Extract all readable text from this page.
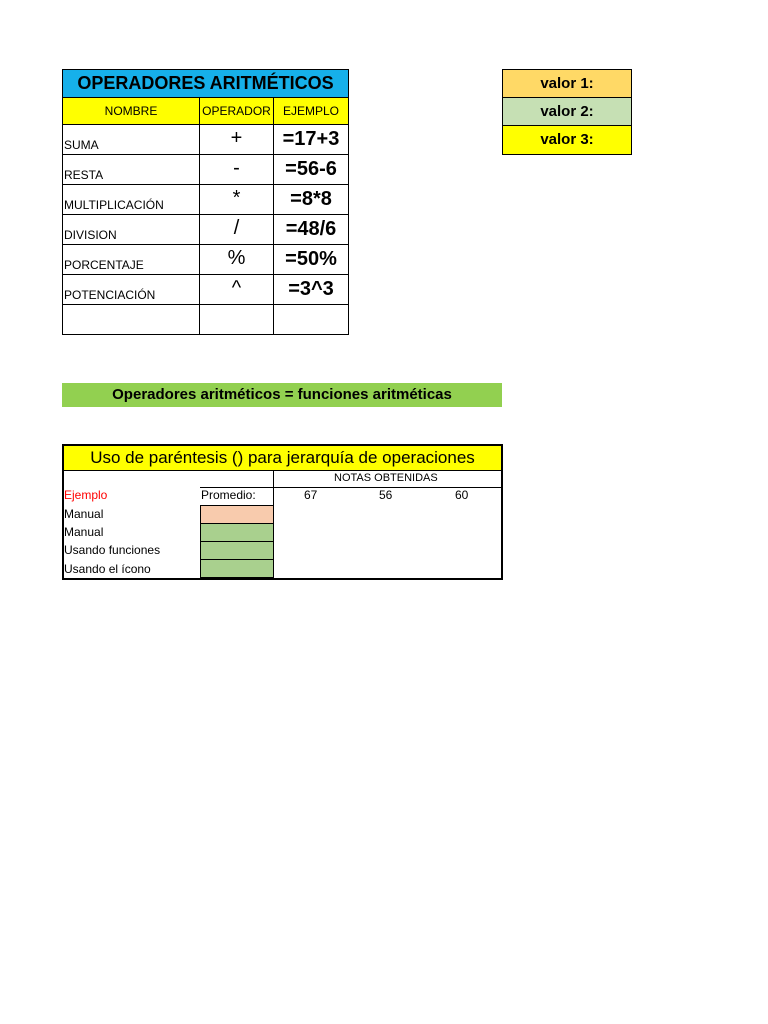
OPERADORES ARITMÉTICOS		
NOMBRE	OPERADOR	EJEMPLO
SUMA	+	=17+3
RESTA	-	=56-6
MULTIPLICACIÓN	*	=8*8
DIVISION	/	=48/6
PORCENTAJE	%	=50%
POTENCIACIÓN	^	=3^3

valor 1:
valor 2:
valor 3:
Operadores aritméticos = funciones aritméticas
Uso de paréntesis () para jerarquía de operaciones
NOTAS OBTENIDAS
Ejemplo	Promedio:	67	56	60
Manual
Manual
Usando funciones
Usando el ícono
